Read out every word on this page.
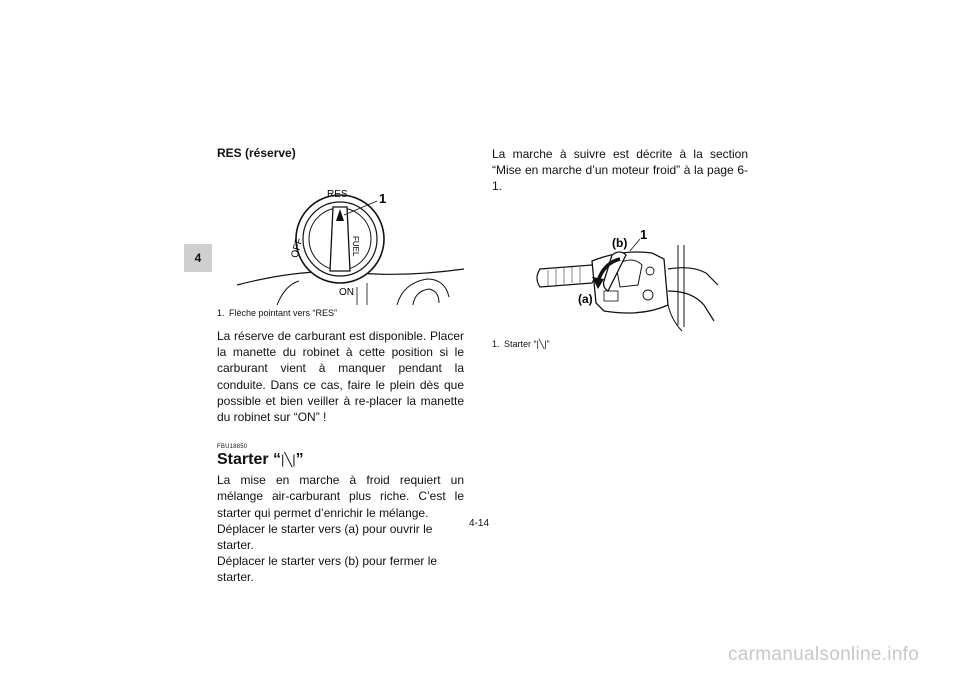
4

RES (réserve)

FUEL
RES
ON
OFF
1

1. Flèche pointant vers “RES”

La réserve de carburant est disponible. Placer la manette du robinet à cette position si le carburant vient à manquer pendant la conduite. Dans ce cas, faire le plein dès que possible et bien veiller à re-placer la manette du robinet sur “ON” !

FBU18850
Starter “|╲|”

La mise en marche à froid requiert un mélange air-carburant plus riche. C’est le starter qui permet d’enrichir le mélange.

Déplacer le starter vers (a) pour ouvrir le starter.

Déplacer le starter vers (b) pour fermer le starter.

La marche à suivre est décrite à la section “Mise en marche d’un moteur froid” à la page 6-1.

(b)
(a)
1

1. Starter “|╲|”

4-14
carmanualsonline.info
